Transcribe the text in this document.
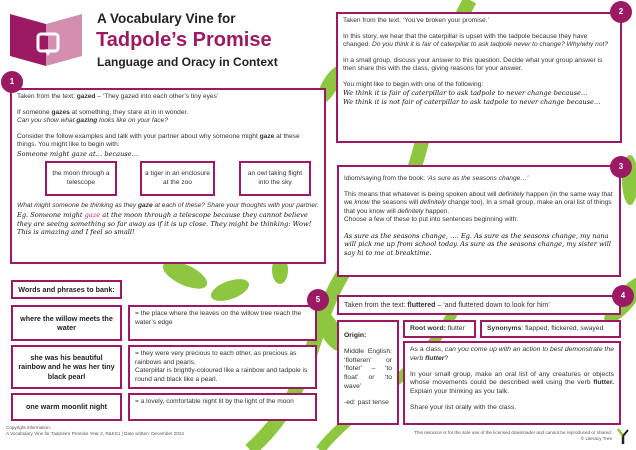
A Vocabulary Vine for
Tadpole’s Promise
Language and Oracy in Context
1

Taken from the text: gazed – ‘They gazed into each other’s tiny eyes’

If someone gazes at something, they stare at in in wonder.

Can you show what gazing looks like on your face?

Consider the follow examples and talk with your partner about why someone might gaze at these things. You might like to begin with:

Someone might gaze at… because…

the moon through a telescope
a tiger in an enclosure at the zoo
an owl taking flight into the sky

What might someone be thinking as they gaze at each of these? Share your thoughts with your partner.

Eg. Someone might gaze at the moon through a telescope because they cannot believe they are seeing something so far away as if it is up close. They might be thinking: Wow! This is amazing and I feel so small!

2

Taken from the text: ‘You’ve broken your promise.’

In this story, we hear that the caterpillar is upset with the tadpole because they have changed. Do you think it is fair of caterpillar to ask tadpole never to change? Why/why not?

In a small group, discuss your answer to this question. Decide what your group answer is then share this with the class, giving reasons for your answer.

You might like to begin with one of the following:

We think it is fair of caterpillar to ask tadpole to never change because…

We think it is not fair of caterpillar to ask tadpole to never change because…

3

Idiom/saying from the book: ‘As sure as the seasons change…’

This means that whatever is being spoken about will definitely happen (in the same way that we know the seasons will definitely change too). In a small group, make an oral list of things that you know will definitely happen.

Choose a few of these to put into sentences beginning with:

As sure as the seasons change, …. Eg. As sure as the seasons change, my nana will pick me up from school today. As sure as the seasons change, my sister will say hi to me at breaktime.

Words and phrases to bank:
5
where the willow meets the water
= the place where the leaves on the willow tree reach the water’s edge
she was his beautiful rainbow and he was her tiny black pearl

= they were very precious to each other, as precious as rainbows and pearls.

Caterpillar is brightly-coloured like a rainbow and tadpole is round and black like a pearl.

one warm moonlit night
= a lovely, comfortable night lit by the light of the moon
4
Taken from the text: fluttered – ‘and fluttered down to look for him’

Origin:

Middle English: ‘flotteren’ or ‘floter’ – ‘to float’ or ‘to wave’

-ed: past tense

Root word: flutter	Synonyms: flapped, flickered, swayed

As a class, can you come up with an action to best demonstrate the verb flutter?

In your small group, make an oral list of any creatures or objects whose movements could be described well using the verb flutter. Explain your thinking as you talk.

Share your list orally with the class.

Copyright information:

A Vocabulary Vine for Tadpole’s Promise Year 2, R&KS1 | Date written: December 2024	This resource is for the sole use of the licensed downloader and cannot be reproduced or shared.

© Literacy Tree
